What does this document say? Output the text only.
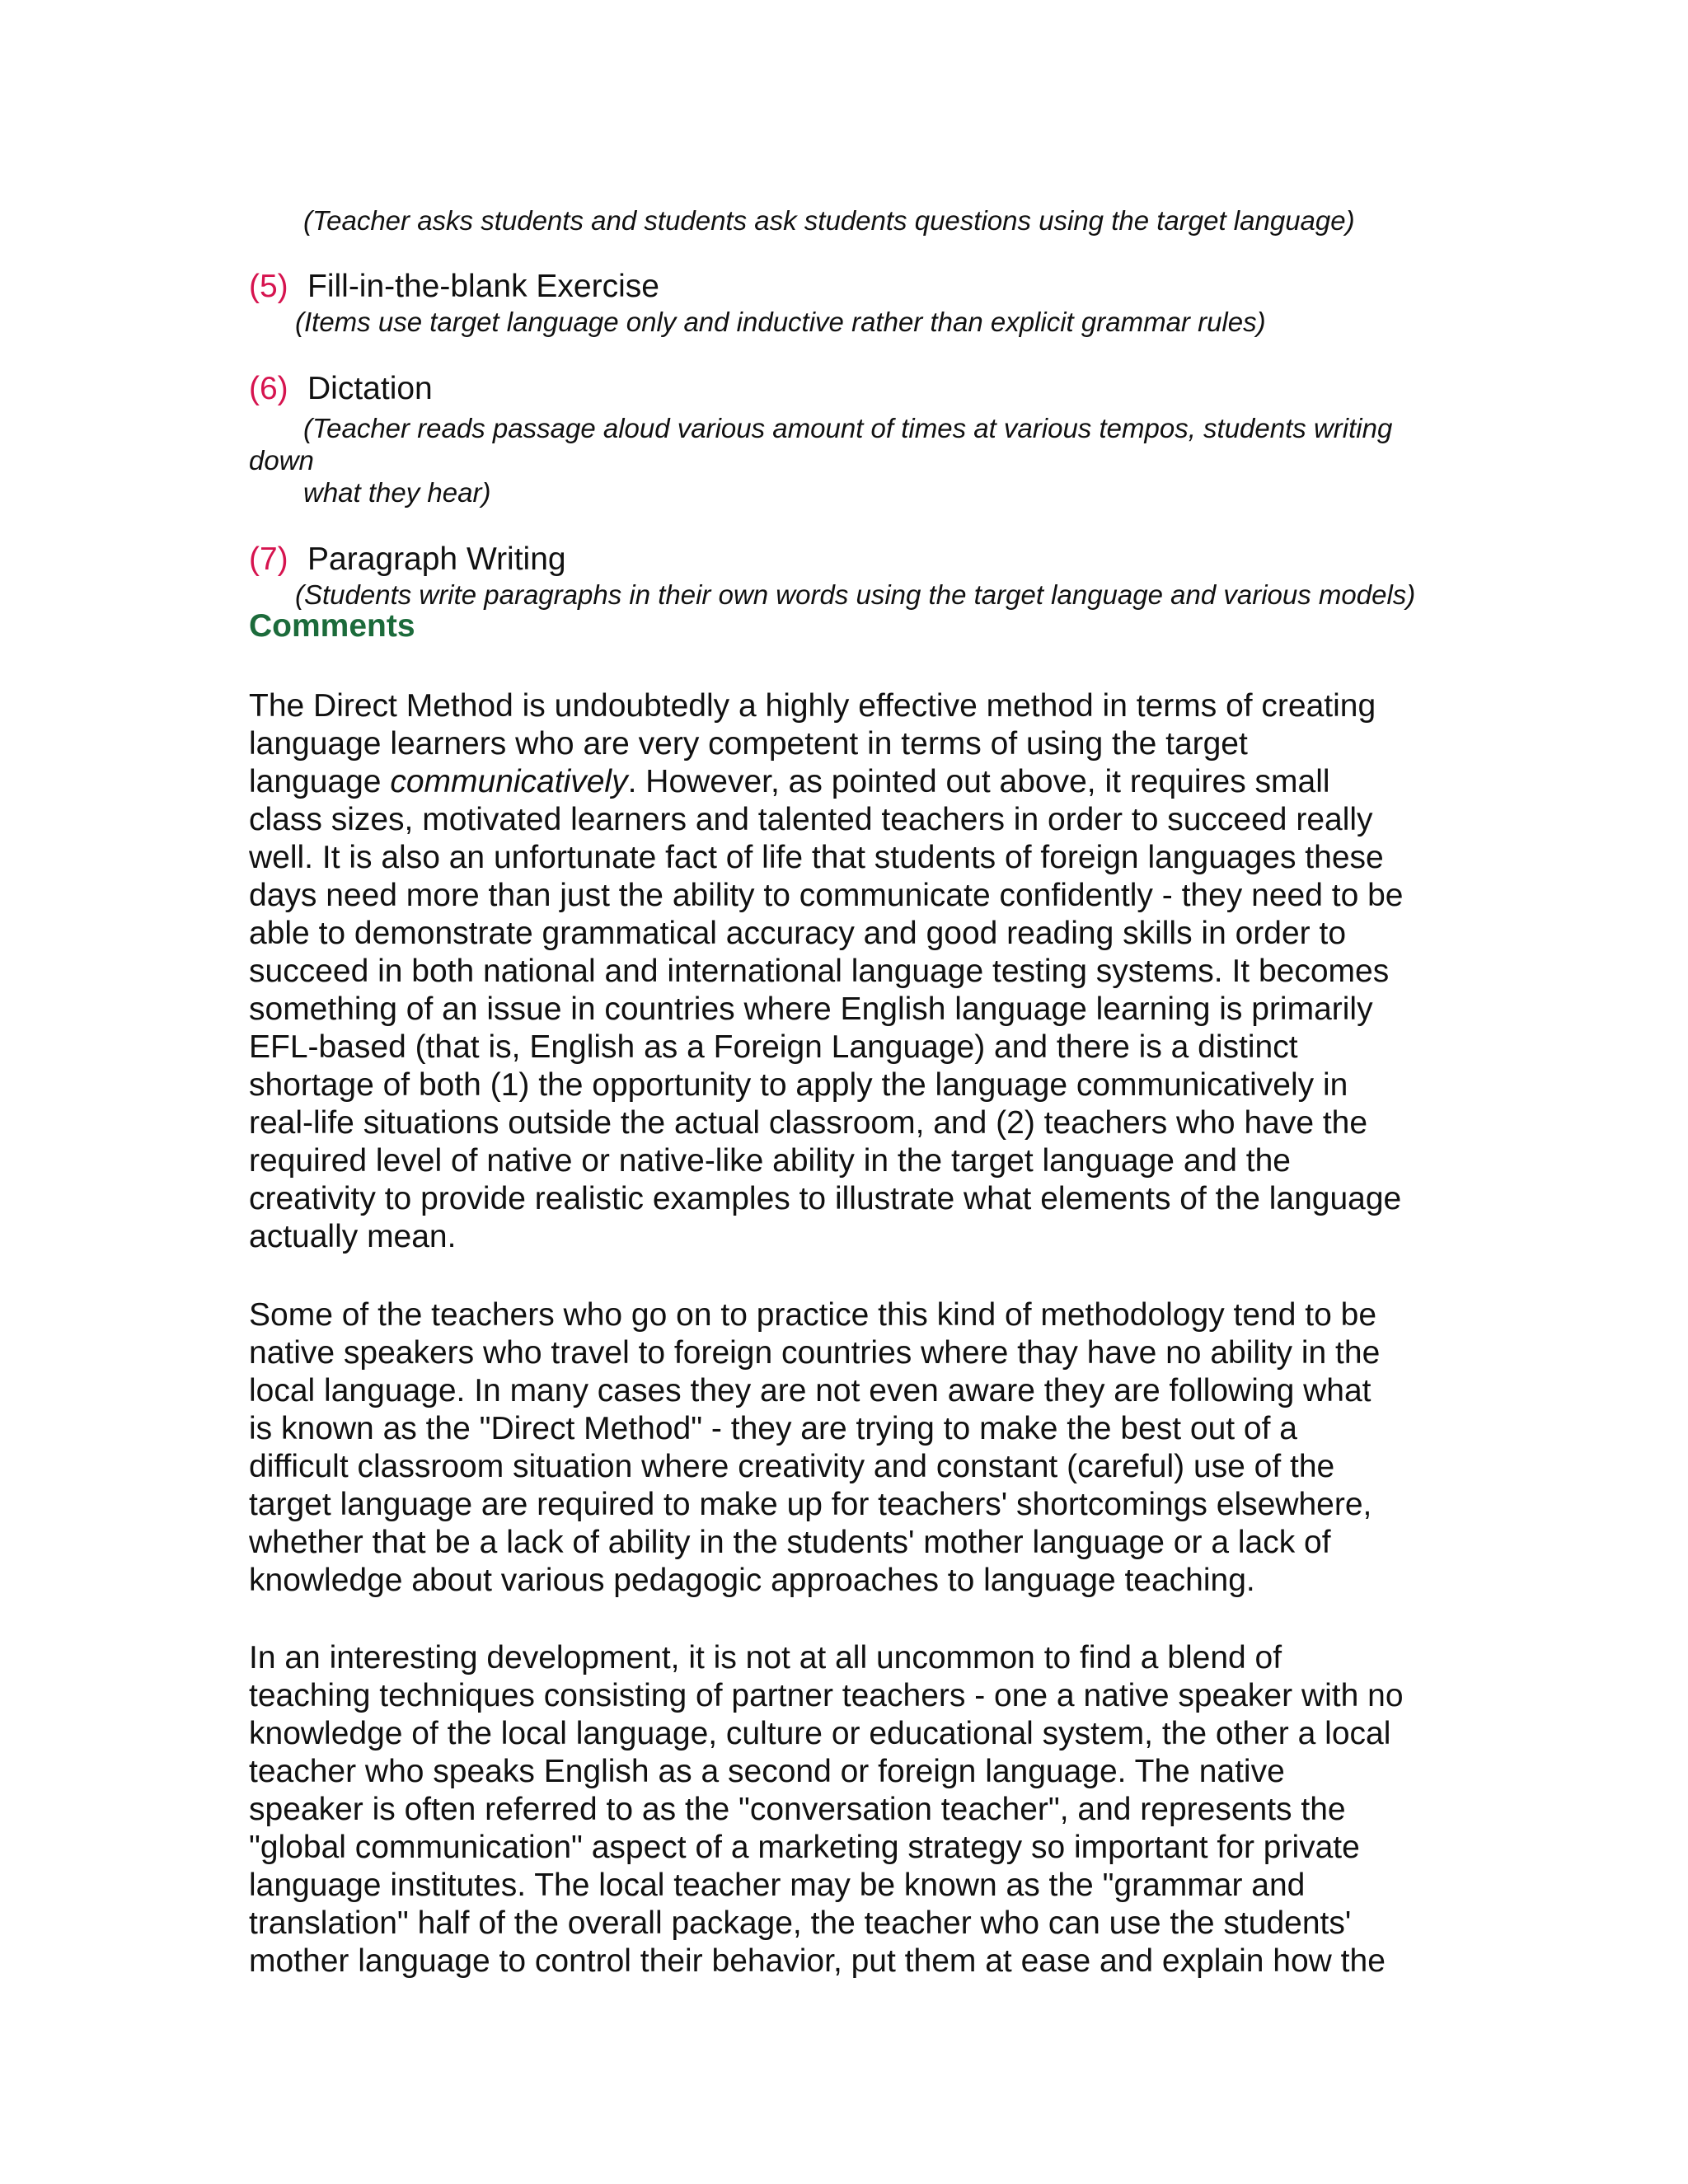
(Teacher asks students and students ask students questions using the target language)
(5) Fill-in-the-blank Exercise
(Items use target language only and inductive rather than explicit grammar rules)
(6) Dictation
(Teacher reads passage aloud various amount of times at various tempos, students writing
down
what they hear)
(7) Paragraph Writing
(Students write paragraphs in their own words using the target language and various models)
Comments

The Direct Method is undoubtedly a highly effective method in terms of creating
language learners who are very competent in terms of using the target
language communicatively. However, as pointed out above, it requires small
class sizes, motivated learners and talented teachers in order to succeed really
well. It is also an unfortunate fact of life that students of foreign languages these
days need more than just the ability to communicate confidently - they need to be
able to demonstrate grammatical accuracy and good reading skills in order to
succeed in both national and international language testing systems. It becomes
something of an issue in countries where English language learning is primarily
EFL-based (that is, English as a Foreign Language) and there is a distinct
shortage of both (1) the opportunity to apply the language communicatively in
real-life situations outside the actual classroom, and (2) teachers who have the
required level of native or native-like ability in the target language and the
creativity to provide realistic examples to illustrate what elements of the language
actually mean.

Some of the teachers who go on to practice this kind of methodology tend to be
native speakers who travel to foreign countries where thay have no ability in the
local language. In many cases they are not even aware they are following what
is known as the "Direct Method" - they are trying to make the best out of a
difficult classroom situation where creativity and constant (careful) use of the
target language are required to make up for teachers' shortcomings elsewhere,
whether that be a lack of ability in the students' mother language or a lack of
knowledge about various pedagogic approaches to language teaching.

In an interesting development, it is not at all uncommon to find a blend of
teaching techniques consisting of partner teachers - one a native speaker with no
knowledge of the local language, culture or educational system, the other a local
teacher who speaks English as a second or foreign language. The native
speaker is often referred to as the "conversation teacher", and represents the
"global communication" aspect of a marketing strategy so important for private
language institutes. The local teacher may be known as the "grammar and
translation" half of the overall package, the teacher who can use the students'
mother language to control their behavior, put them at ease and explain how the
